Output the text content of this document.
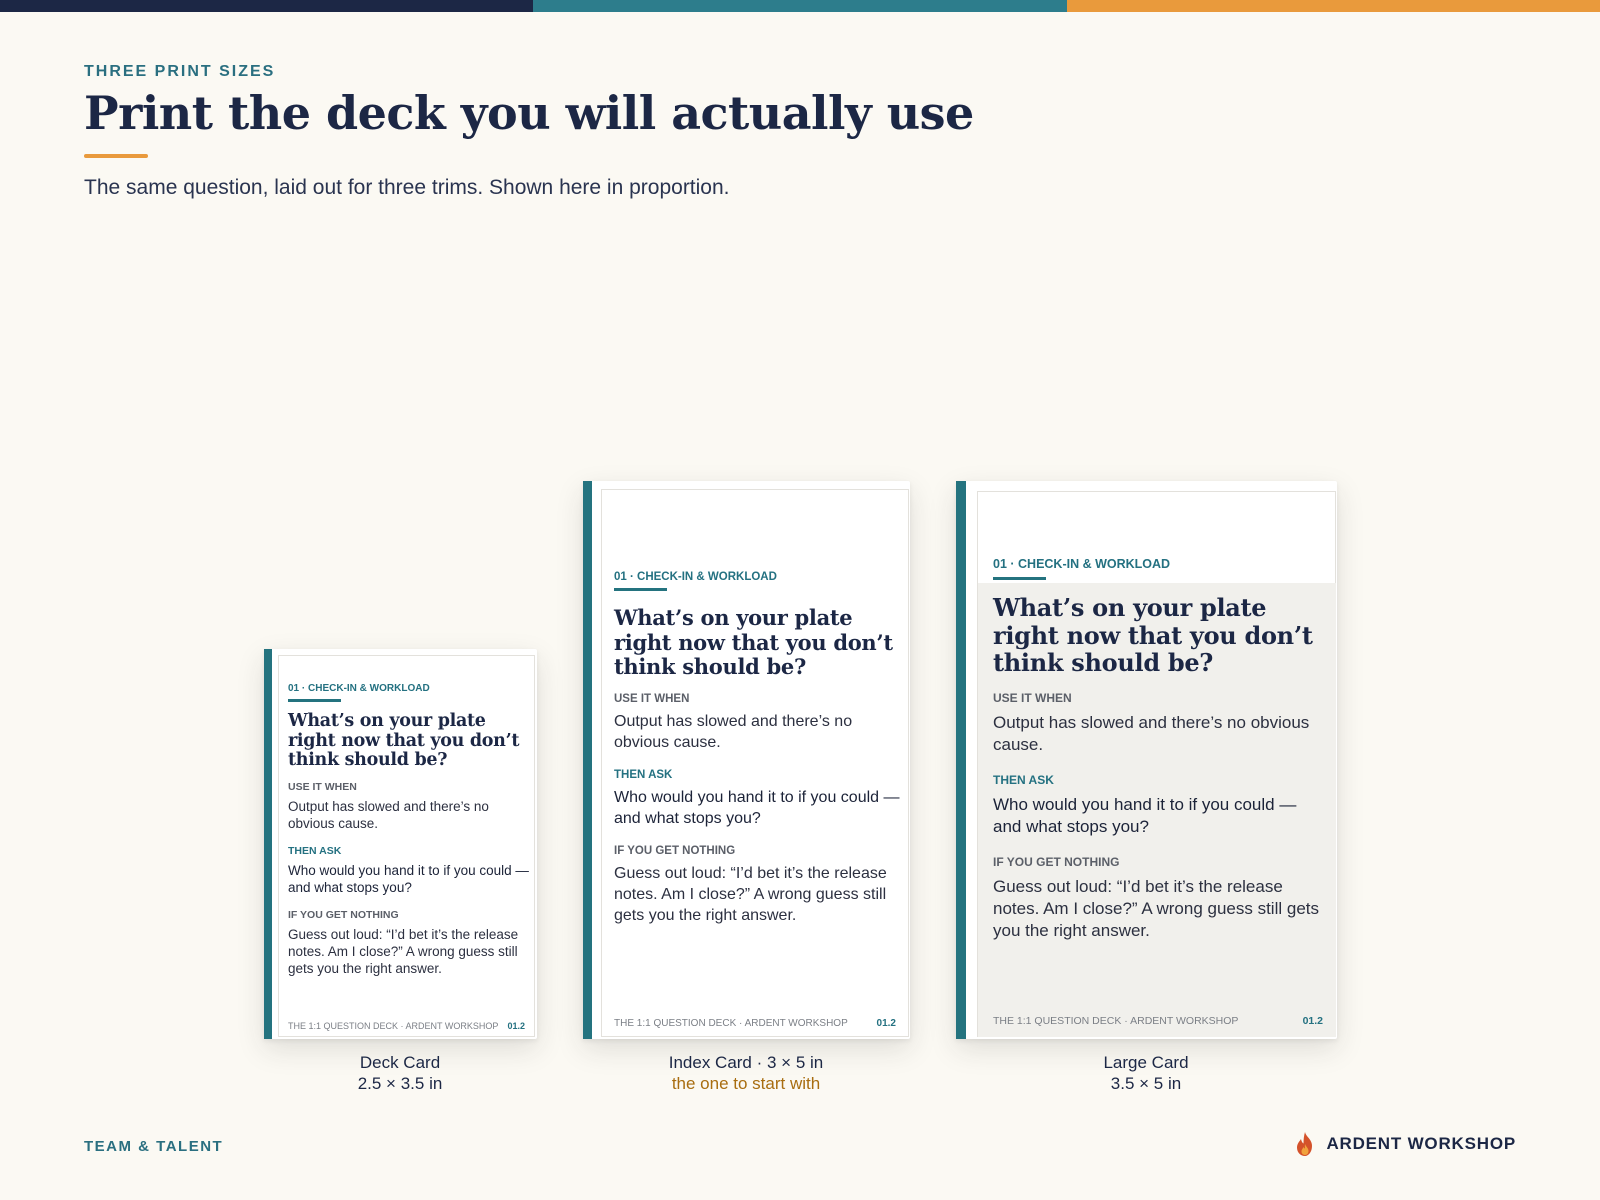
THREE PRINT SIZES
Print the deck you will actually use

The same question, laid out for three trims. Shown here in proportion.

01 · CHECK-IN & WORKLOAD
What’s on your plate right now that you don’t think should be?
USE IT WHEN
Output has slowed and there’s no obvious cause.
THEN ASK
Who would you hand it to if you could — and what stops you?
IF YOU GET NOTHING
Guess out loud: “I’d bet it’s the release notes. Am I close?” A wrong guess still gets you the right answer.
THE 1:1 QUESTION DECK · ARDENT WORKSHOP 01.2
01 · CHECK-IN & WORKLOAD
What’s on your plate right now that you don’t think should be?
USE IT WHEN
Output has slowed and there’s no obvious cause.
THEN ASK
Who would you hand it to if you could — and what stops you?
IF YOU GET NOTHING
Guess out loud: “I’d bet it’s the release notes. Am I close?” A wrong guess still gets you the right answer.
THE 1:1 QUESTION DECK · ARDENT WORKSHOP	01.2
01 · CHECK-IN & WORKLOAD
What’s on your plate right now that you don’t think should be?
USE IT WHEN
Output has slowed and there’s no obvious cause.
THEN ASK
Who would you hand it to if you could — and what stops you?
IF YOU GET NOTHING
Guess out loud: “I’d bet it’s the release notes. Am I close?” A wrong guess still gets you the right answer.
THE 1:1 QUESTION DECK · ARDENT WORKSHOP	01.2
Deck Card
2.5 × 3.5 in
Index Card · 3 × 5 in
the one to start with
Large Card
3.5 × 5 in
TEAM & TALENT	ARDENT WORKSHOP
